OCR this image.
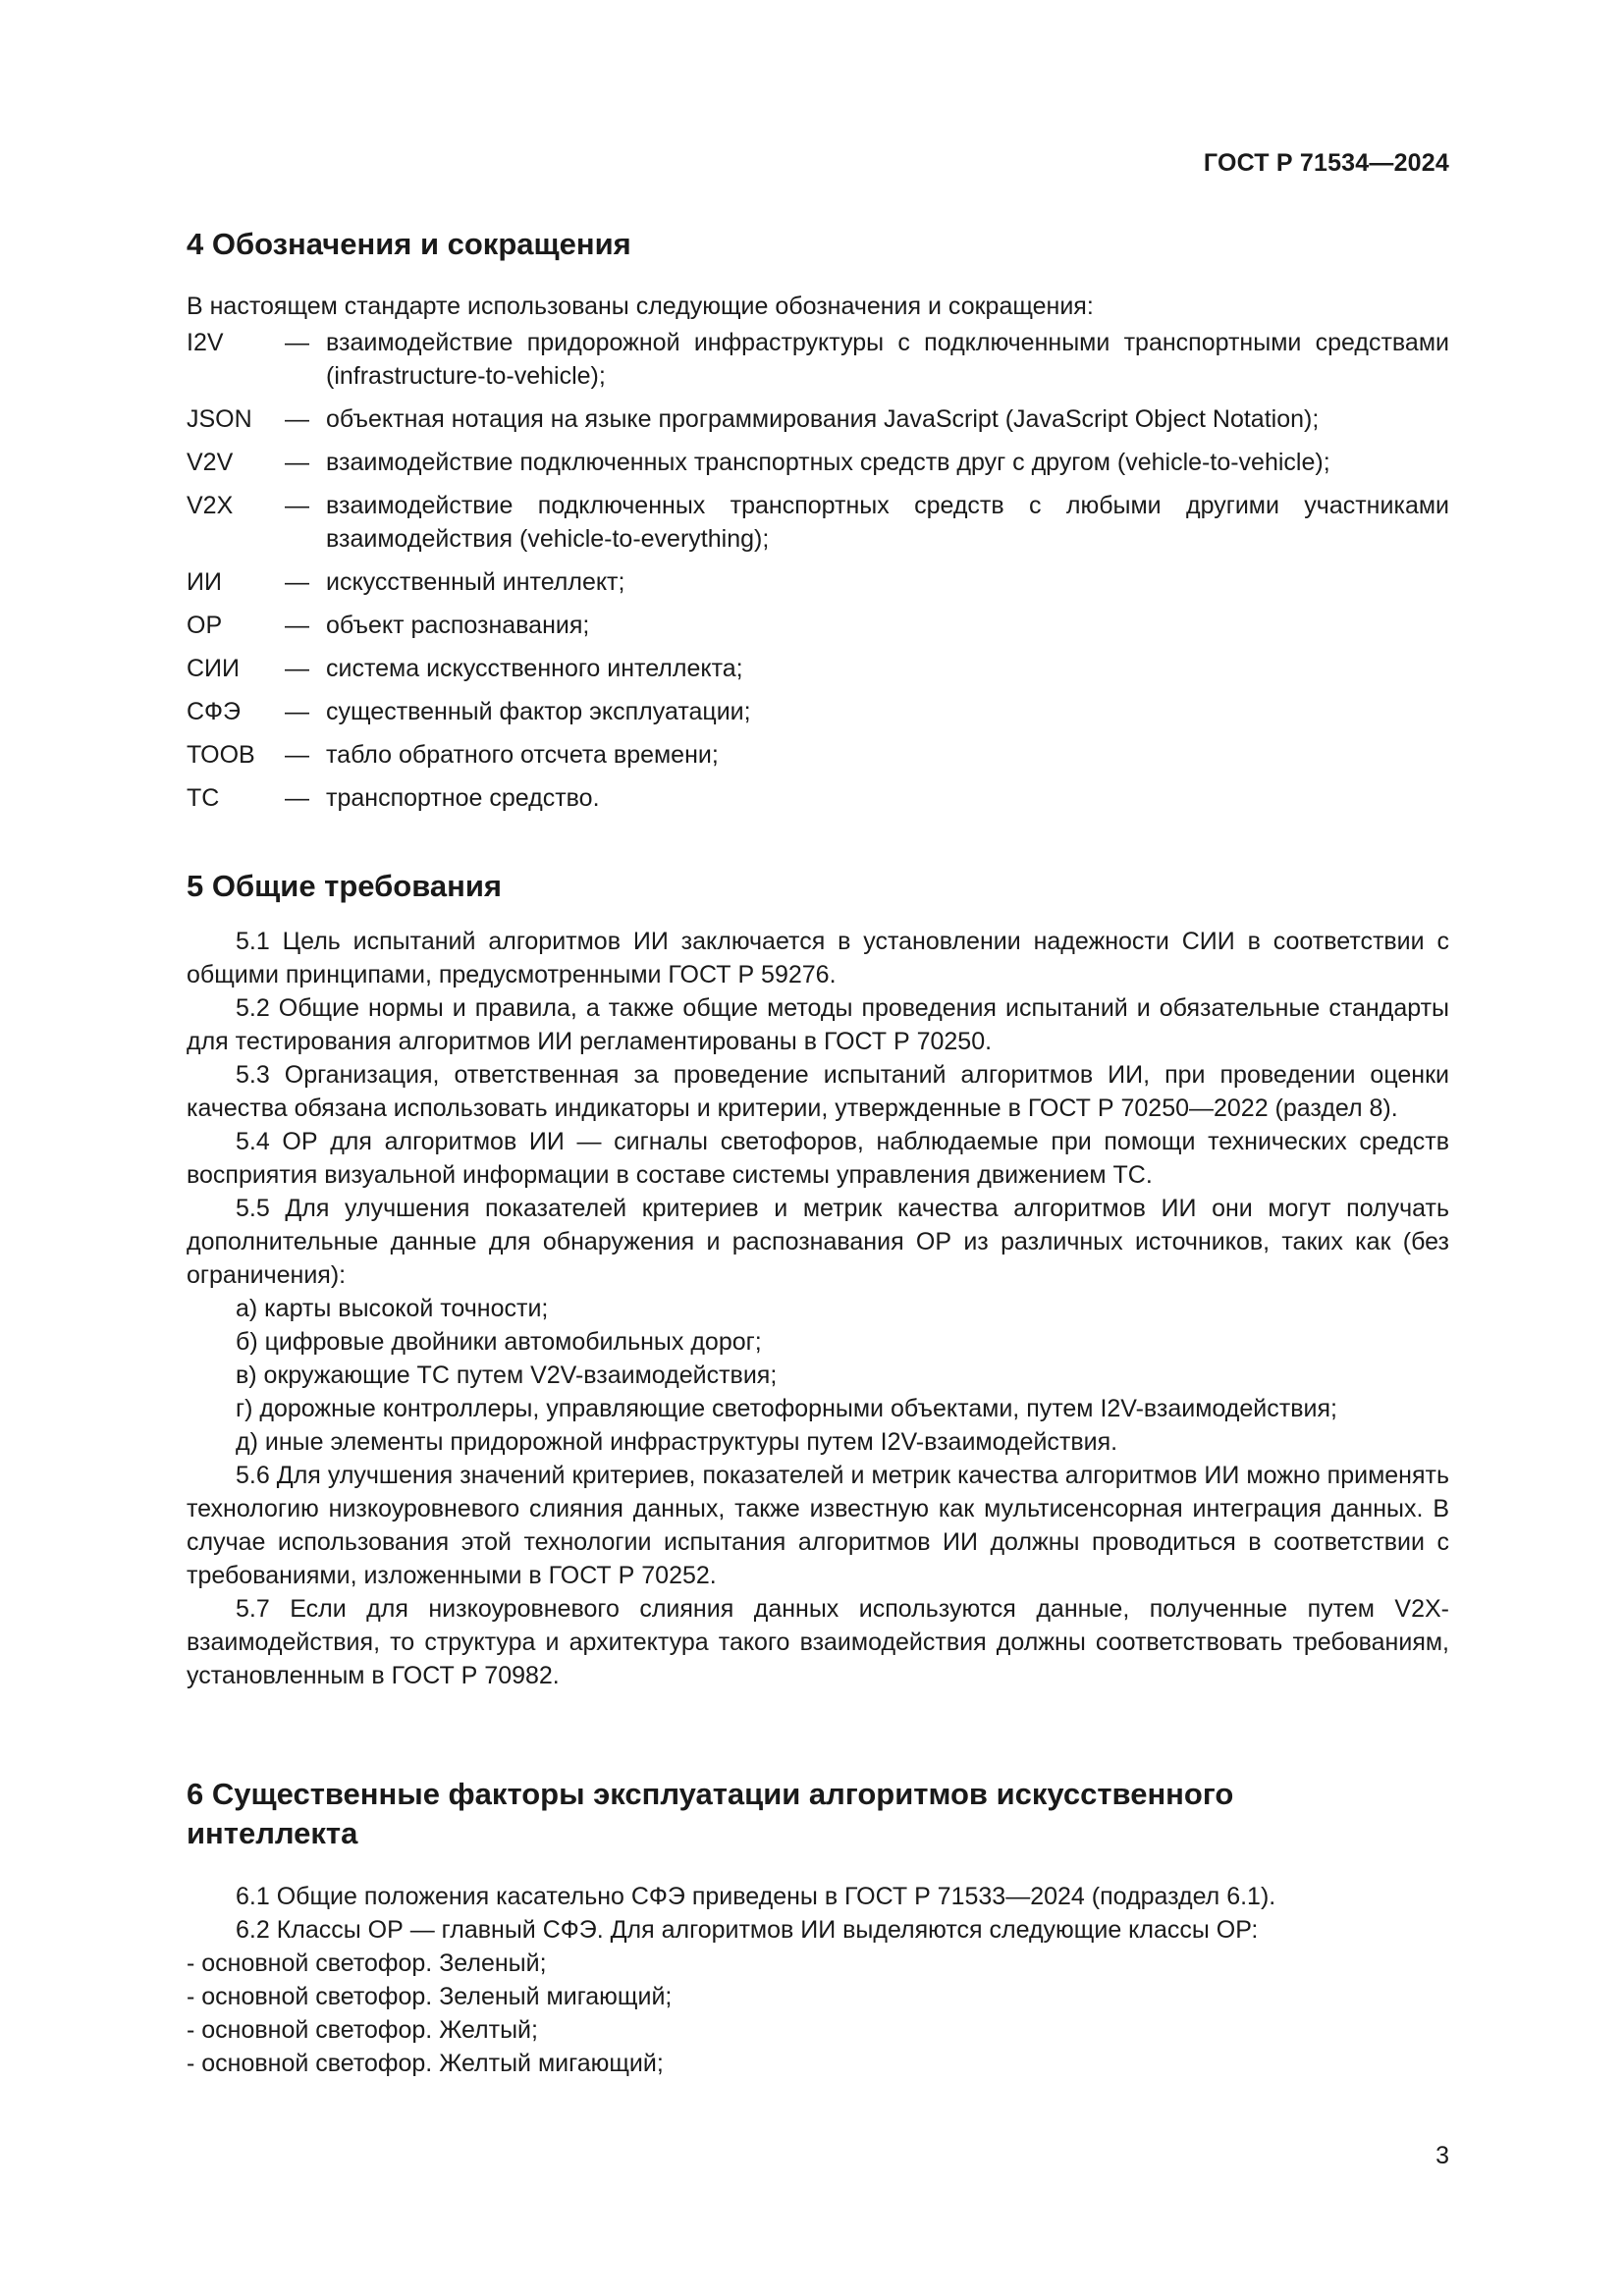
ГОСТ Р 71534—2024
4 Обозначения и сокращения

В настоящем стандарте использованы следующие обозначения и сокращения:

I2V	— взаимодействие придорожной инфраструктуры с подключенными транспортными средствами (infrastructure-to-vehicle);
JSON	— объектная нотация на языке программирования JavaScript (JavaScript Object Notation);
V2V	— взаимодействие подключенных транспортных средств друг с другом (vehicle-to-vehicle);
V2X	— взаимодействие подключенных транспортных средств с любыми другими участниками взаимодействия (vehicle-to-everything);
ИИ	— искусственный интеллект;
ОР	— объект распознавания;
СИИ	— система искусственного интеллекта;
СФЭ	— существенный фактор эксплуатации;
ТООВ	— табло обратного отсчета времени;
ТС	— транспортное средство.
5 Общие требования

5.1 Цель испытаний алгоритмов ИИ заключается в установлении надежности СИИ в соответствии с общими принципами, предусмотренными ГОСТ Р 59276.

5.2 Общие нормы и правила, а также общие методы проведения испытаний и обязательные стандарты для тестирования алгоритмов ИИ регламентированы в ГОСТ Р 70250.

5.3 Организация, ответственная за проведение испытаний алгоритмов ИИ, при проведении оценки качества обязана использовать индикаторы и критерии, утвержденные в ГОСТ Р 70250—2022 (раздел 8).

5.4 ОР для алгоритмов ИИ — сигналы светофоров, наблюдаемые при помощи технических средств восприятия визуальной информации в составе системы управления движением ТС.

5.5 Для улучшения показателей критериев и метрик качества алгоритмов ИИ они могут получать дополнительные данные для обнаружения и распознавания ОР из различных источников, таких как (без ограничения):

а) карты высокой точности;
б) цифровые двойники автомобильных дорог;
в) окружающие ТС путем V2V-взаимодействия;
г) дорожные контроллеры, управляющие светофорными объектами, путем I2V-взаимодействия;
д) иные элементы придорожной инфраструктуры путем I2V-взаимодействия.

5.6 Для улучшения значений критериев, показателей и метрик качества алгоритмов ИИ можно применять технологию низкоуровневого слияния данных, также известную как мультисенсорная интеграция данных. В случае использования этой технологии испытания алгоритмов ИИ должны проводиться в соответствии с требованиями, изложенными в ГОСТ Р 70252.

5.7 Если для низкоуровневого слияния данных используются данные, полученные путем V2X-взаимодействия, то структура и архитектура такого взаимодействия должны соответствовать требованиям, установленным в ГОСТ Р 70982.

6 Существенные факторы эксплуатации алгоритмов искусственного
интеллекта

6.1 Общие положения касательно СФЭ приведены в ГОСТ Р 71533—2024 (подраздел 6.1).

6.2 Классы ОР — главный СФЭ. Для алгоритмов ИИ выделяются следующие классы ОР:

- основной светофор. Зеленый;
- основной светофор. Зеленый мигающий;
- основной светофор. Желтый;
- основной светофор. Желтый мигающий;
3
